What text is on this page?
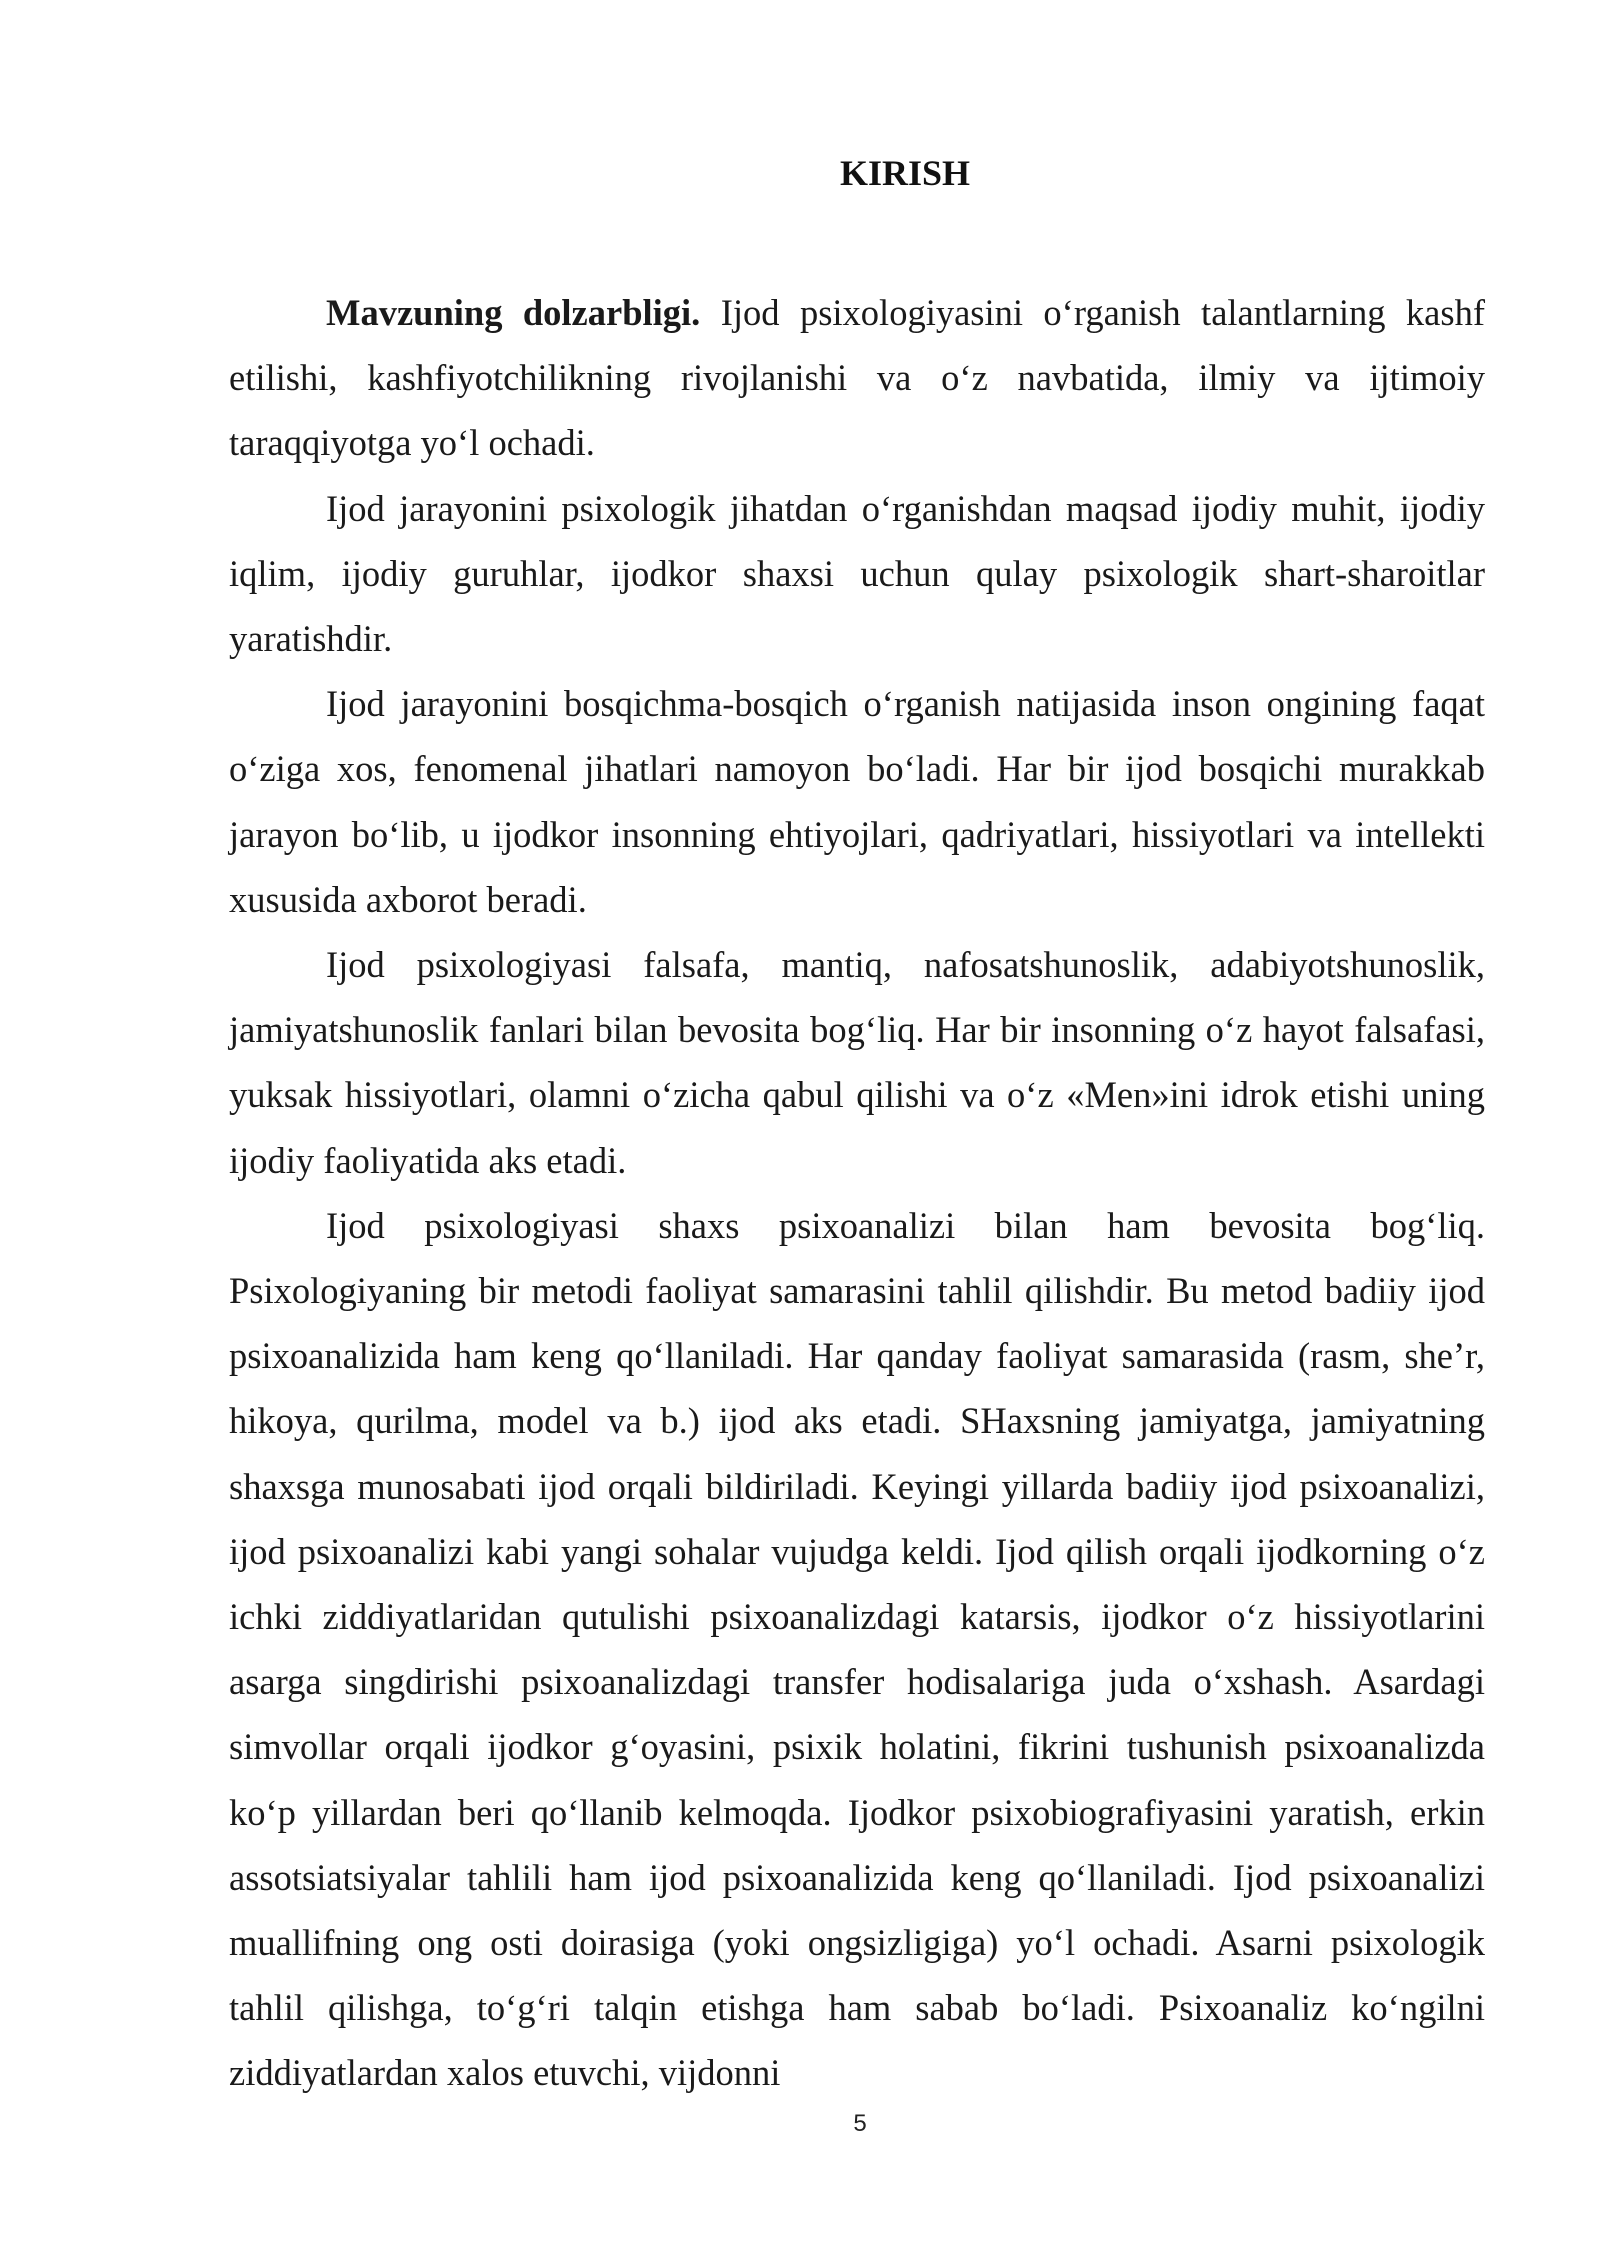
KIRISH

Mavzuning dolzarbligi. Ijod psixologiyasini o‘rganish talantlarning kashf etilishi, kashfiyotchilikning rivojlanishi va o‘z navbatida, ilmiy va ijtimoiy taraqqiyotga yo‘l ochadi.

Ijod jarayonini psixologik jihatdan o‘rganishdan maqsad ijodiy muhit, ijodiy iqlim, ijodiy guruhlar, ijodkor shaxsi uchun qulay psixologik shart-sharoitlar yaratishdir.

Ijod jarayonini bosqichma-bosqich o‘rganish natijasida inson ongining faqat o‘ziga xos, fenomenal jihatlari namoyon bo‘ladi. Har bir ijod bosqichi murakkab jarayon bo‘lib, u ijodkor insonning ehtiyojlari, qadriyatlari, hissiyotlari va intellekti xususida axborot beradi.

Ijod psixologiyasi falsafa, mantiq, nafosatshunoslik, adabiyotshunoslik, jamiyatshunoslik fanlari bilan bevosita bog‘liq. Har bir insonning o‘z hayot falsafasi, yuksak hissiyotlari, olamni o‘zicha qabul qilishi va o‘z «Men»ini idrok etishi uning ijodiy faoliyatida aks etadi.

Ijod psixologiyasi shaxs psixoanalizi bilan ham bevosita bog‘liq. Psixologiyaning bir metodi faoliyat samarasini tahlil qilishdir. Bu metod badiiy ijod psixoanalizida ham keng qo‘llaniladi. Har qanday faoliyat samarasida (rasm, she’r, hikoya, qurilma, model va b.) ijod aks etadi. SHaxsning jamiyatga, jamiyatning shaxsga munosabati ijod orqali bildiriladi. Keyingi yillarda badiiy ijod psixoanalizi, ijod psixoanalizi kabi yangi sohalar vujudga keldi. Ijod qilish orqali ijodkorning o‘z ichki ziddiyatlaridan qutulishi psixoanalizdagi katarsis, ijodkor o‘z hissiyotlarini asarga singdirishi psixoanalizdagi transfer hodisalariga juda o‘xshash. Asardagi simvollar orqali ijodkor g‘oyasini, psixik holatini, fikrini tushunish psixoanalizda ko‘p yillardan beri qo‘llanib kelmoqda. Ijodkor psixobiografiyasini yaratish, erkin assotsiatsiyalar tahlili ham ijod psixoanalizida keng qo‘llaniladi. Ijod psixoanalizi muallifning ong osti doirasiga (yoki ongsizligiga) yo‘l ochadi. Asarni psixologik tahlil qilishga, to‘g‘ri talqin etishga ham sabab bo‘ladi. Psixoanaliz ko‘ngilni ziddiyatlardan xalos etuvchi, vijdonni

5
